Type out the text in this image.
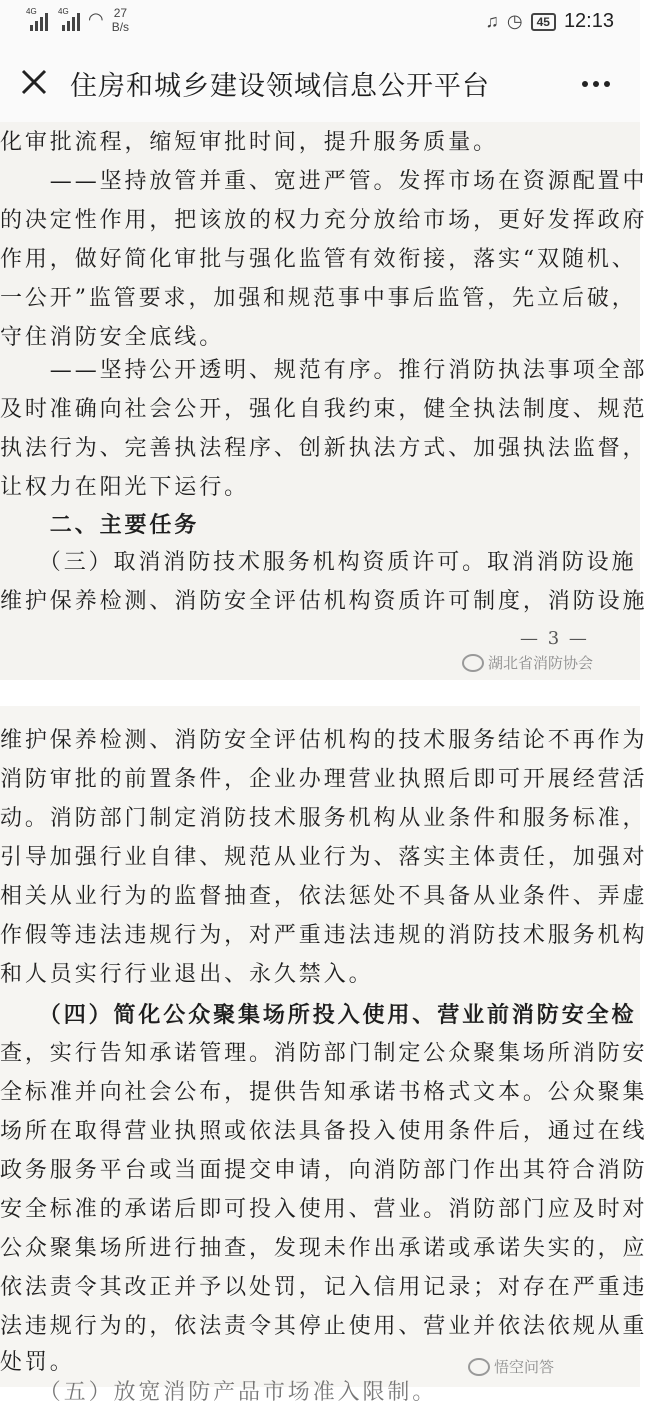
4G	4G ◠ 27
B/s	♫ ◷	45 12:13
住房和城乡建设领域信息公开平台
化审批流程，缩短审批时间，提升服务质量。
　　——坚持放管并重、宽进严管。发挥市场在资源配置中
的决定性作用，把该放的权力充分放给市场，更好发挥政府
作用，做好简化审批与强化监管有效衔接，落实“双随机、
一公开”监管要求，加强和规范事中事后监管，先立后破，
守住消防安全底线。
　　——坚持公开透明、规范有序。推行消防执法事项全部
及时准确向社会公开，强化自我约束，健全执法制度、规范
执法行为、完善执法程序、创新执法方式、加强执法监督，
让权力在阳光下运行。
　　二、主要任务
　　（三）取消消防技术服务机构资质许可。取消消防设施
维护保养检测、消防安全评估机构资质许可制度，消防设施
— 3 —
湖北省消防协会
维护保养检测、消防安全评估机构的技术服务结论不再作为
消防审批的前置条件，企业办理营业执照后即可开展经营活
动。消防部门制定消防技术服务机构从业条件和服务标准，
引导加强行业自律、规范从业行为、落实主体责任，加强对
相关从业行为的监督抽查，依法惩处不具备从业条件、弄虚
作假等违法违规行为，对严重违法违规的消防技术服务机构
和人员实行行业退出、永久禁入。
　　（四）简化公众聚集场所投入使用、营业前消防安全检
查，实行告知承诺管理。消防部门制定公众聚集场所消防安
全标准并向社会公布，提供告知承诺书格式文本。公众聚集
场所在取得营业执照或依法具备投入使用条件后，通过在线
政务服务平台或当面提交申请，向消防部门作出其符合消防
安全标准的承诺后即可投入使用、营业。消防部门应及时对
公众聚集场所进行抽查，发现未作出承诺或承诺失实的，应
依法责令其改正并予以处罚，记入信用记录；对存在严重违
法违规行为的，依法责令其停止使用、营业并依法依规从重
处罚。
　　（五）放宽消防产品市场准入限制。
悟空问答
